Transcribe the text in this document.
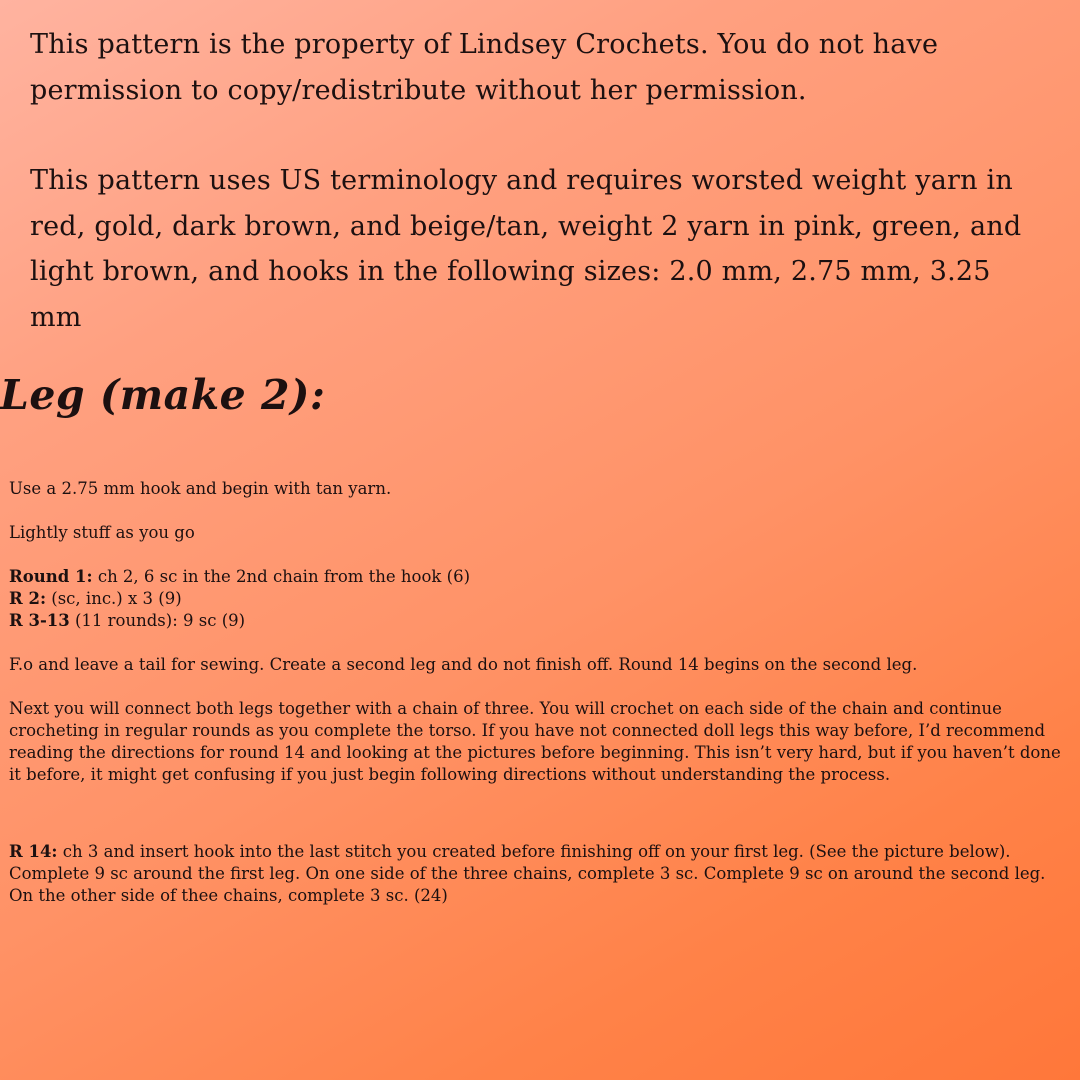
This pattern is the property of Lindsey Crochets. You do not have permission to copy/redistribute without her permission.

This pattern uses US terminology and requires worsted weight yarn in red, gold, dark brown, and beige/tan, weight 2 yarn in pink, green, and light brown, and hooks in the following sizes: 2.0 mm, 2.75 mm, 3.25 mm

Leg (make 2):

Use a 2.75 mm hook and begin with tan yarn.

Lightly stuff as you go

Round 1: ch 2, 6 sc in the 2nd chain from the hook (6)
R 2: (sc, inc.) x 3 (9)
R 3-13 (11 rounds): 9 sc (9)

F.o and leave a tail for sewing. Create a second leg and do not finish off. Round 14 begins on the second leg.

Next you will connect both legs together with a chain of three. You will crochet on each side of the chain and continue crocheting in regular rounds as you complete the torso. If you have not connected doll legs this way before, I’d recommend reading the directions for round 14 and looking at the pictures before beginning. This isn’t very hard, but if you haven’t done it before, it might get confusing if you just begin following directions without understanding the process.

R 14: ch 3 and insert hook into the last stitch you created before finishing off on your first leg. (See the picture below). Complete 9 sc around the first leg. On one side of the three chains, complete 3 sc. Complete 9 sc on around the second leg. On the other side of thee chains, complete 3 sc. (24)
